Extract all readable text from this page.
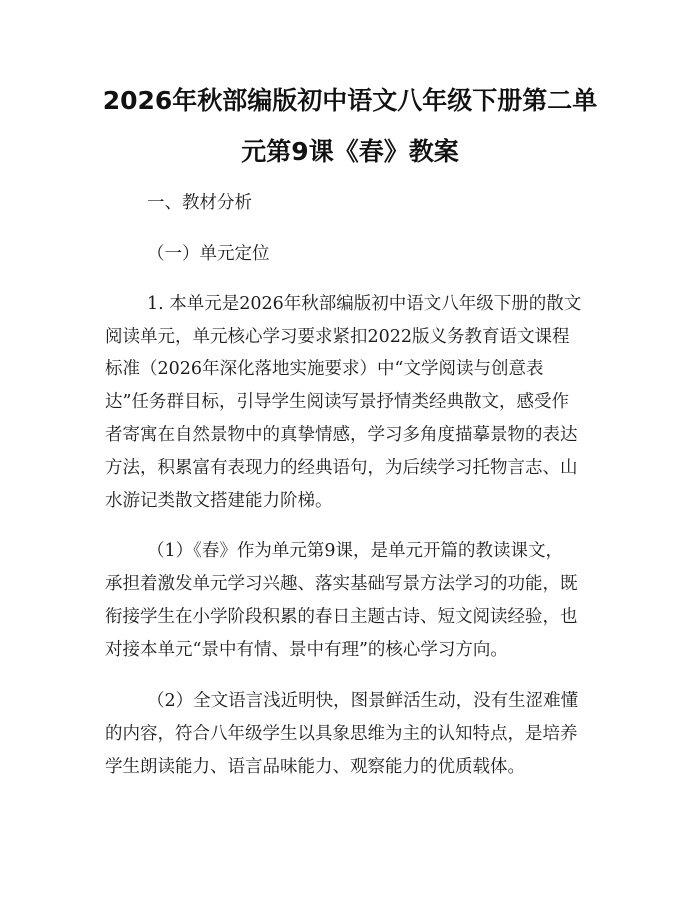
2026年秋部编版初中语文八年级下册第二单
元第9课《春》教案
一、教材分析
（一）单元定位
1. 本单元是2026年秋部编版初中语文八年级下册的散文
阅读单元，单元核心学习要求紧扣2022版义务教育语文课程
标准（2026年深化落地实施要求）中“文学阅读与创意表
达”任务群目标，引导学生阅读写景抒情类经典散文，感受作
者寄寓在自然景物中的真挚情感，学习多角度描摹景物的表达
方法，积累富有表现力的经典语句，为后续学习托物言志、山
水游记类散文搭建能力阶梯。
（1）《春》作为单元第9课，是单元开篇的教读课文，
承担着激发单元学习兴趣、落实基础写景方法学习的功能，既
衔接学生在小学阶段积累的春日主题古诗、短文阅读经验，也
对接本单元“景中有情、景中有理”的核心学习方向。
（2）全文语言浅近明快，图景鲜活生动，没有生涩难懂
的内容，符合八年级学生以具象思维为主的认知特点，是培养
学生朗读能力、语言品味能力、观察能力的优质载体。
